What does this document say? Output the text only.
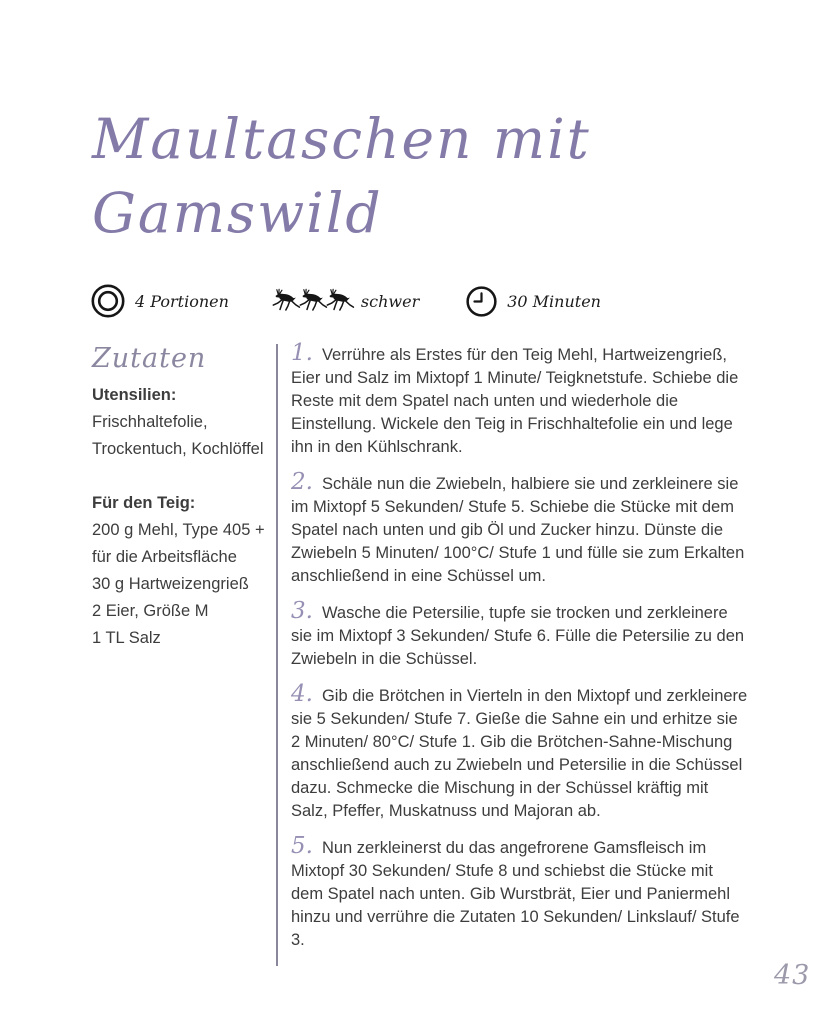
Maultaschen mit
Gamswild
4 Portionen	schwer	30 Minuten
Zutaten
Utensilien:
Frischhaltefolie,
Trockentuch, Kochlöffel
Für den Teig:
200 g Mehl, Type 405 +
für die Arbeitsfläche
30 g Hartweizengrieß
2 Eier, Größe M
1 TL Salz

1. Verrühre als Erstes für den Teig Mehl, Hartweizengrieß, Eier und Salz im Mixtopf 1 Minute/ Teigknetstufe. Schiebe die Reste mit dem Spatel nach unten und wiederhole die Einstellung. Wickele den Teig in Frischhaltefolie ein und lege ihn in den Kühlschrank.

2. Schäle nun die Zwiebeln, halbiere sie und zerkleinere sie im Mixtopf 5 Sekunden/ Stufe 5. Schiebe die Stücke mit dem Spatel nach unten und gib Öl und Zucker hinzu. Dünste die Zwiebeln 5 Minuten/ 100°C/ Stufe 1 und fülle sie zum Erkalten anschließend in eine Schüssel um.

3. Wasche die Petersilie, tupfe sie trocken und zerkleinere sie im Mixtopf 3 Sekunden/ Stufe 6. Fülle die Petersilie zu den Zwiebeln in die Schüssel.

4. Gib die Brötchen in Vierteln in den Mixtopf und zerkleinere sie 5 Sekunden/ Stufe 7. Gieße die Sahne ein und erhitze sie 2 Minuten/ 80°C/ Stufe 1. Gib die Brötchen-Sahne-Mischung anschließend auch zu Zwiebeln und Petersilie in die Schüssel dazu. Schmecke die Mischung in der Schüssel kräftig mit Salz, Pfeffer, Muskatnuss und Majoran ab.

5. Nun zerkleinerst du das angefrorene Gamsfleisch im Mixtopf 30 Sekunden/ Stufe 8 und schiebst die Stücke mit dem Spatel nach unten. Gib Wurstbrät, Eier und Paniermehl hinzu und verrühre die Zutaten 10 Sekunden/ Linkslauf/ Stufe 3.

43
